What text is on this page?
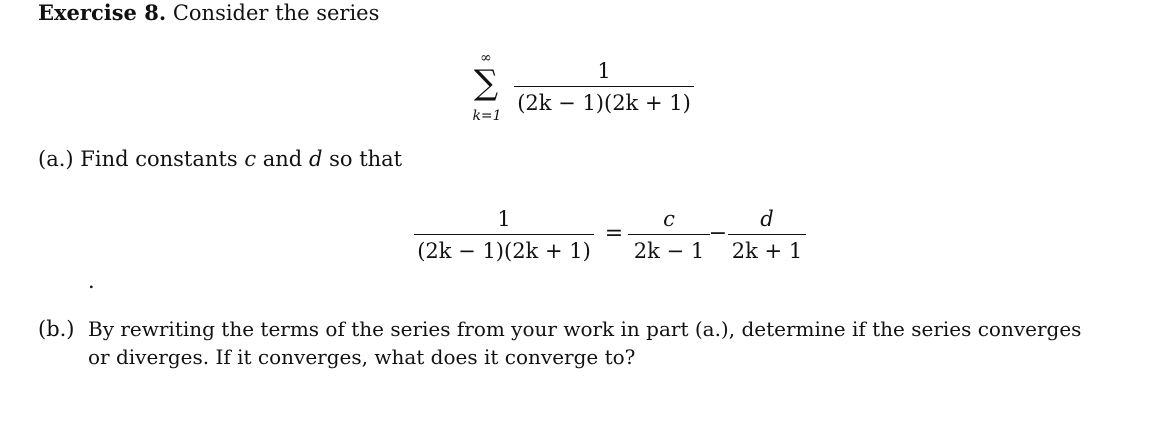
Exercise 8. Consider the series
∞
∑
k=1
1
(2k − 1)(2k + 1)
(a.) Find constants c and d so that
1
(2k − 1)(2k + 1)
=
c
2k − 1
−
d
2k + 1
.
(b.) By rewriting the terms of the series from your work in part (a.), determine if the series converges
or diverges. If it converges, what does it converge to?
